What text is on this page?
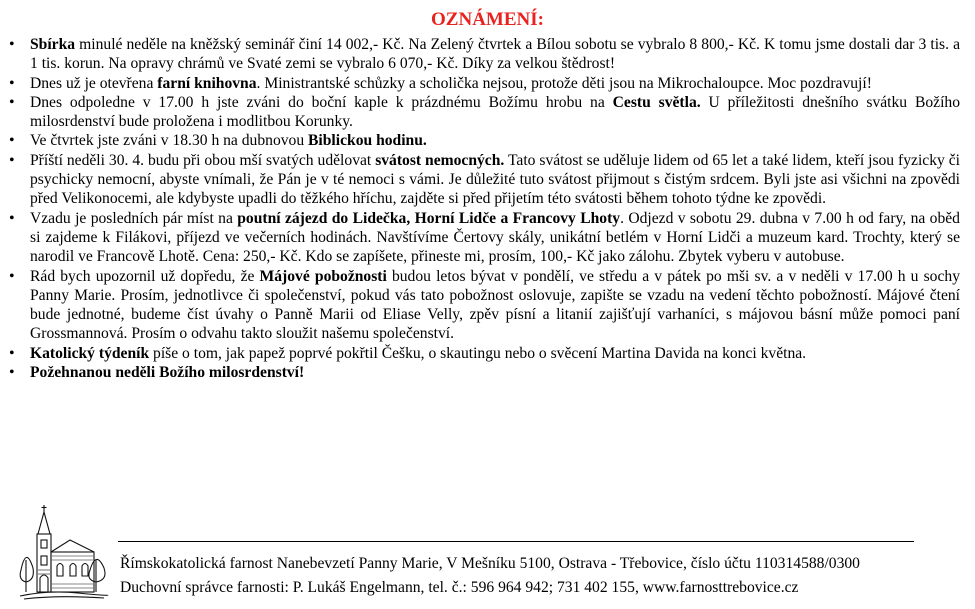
OZNÁMENÍ:
• Sbírka minulé neděle na kněžský seminář činí 14 002,- Kč. Na Zelený čtvrtek a Bílou sobotu se vybralo 8 800,- Kč. K tomu jsme dostali dar 3 tis. a 1 tis. korun. Na opravy chrámů ve Svaté zemi se vybralo 6 070,- Kč. Díky za velkou štědrost!
• Dnes už je otevřena farní knihovna. Ministrantské schůzky a scholička nejsou, protože děti jsou na Mikrochaloupce. Moc pozdravují!
• Dnes odpoledne v 17.00 h jste zváni do boční kaple k prázdnému Božímu hrobu na Cestu světla. U příležitosti dnešního svátku Božího milosrdenství bude proložena i modlitbou Korunky.
• Ve čtvrtek jste zváni v 18.30 h na dubnovou Biblickou hodinu.
• Příští neděli 30. 4. budu při obou mší svatých udělovat svátost nemocných. Tato svátost se uděluje lidem od 65 let a také lidem, kteří jsou fyzicky či psychicky nemocní, abyste vnímali, že Pán je v té nemoci s vámi. Je důležité tuto svátost přijmout s čistým srdcem. Byli jste asi všichni na zpovědi před Velikonocemi, ale kdybyste upadli do těžkého hříchu, zajděte si před přijetím této svátosti během tohoto týdne ke zpovědi.
• Vzadu je posledních pár míst na poutní zájezd do Lidečka, Horní Lidče a Francovy Lhoty. Odjezd v sobotu 29. dubna v 7.00 h od fary, na oběd si zajdeme k Filákovi, příjezd ve večerních hodinách. Navštívíme Čertovy skály, unikátní betlém v Horní Lidči a muzeum kard. Trochty, který se narodil ve Francově Lhotě. Cena: 250,- Kč. Kdo se zapíšete, přineste mi, prosím, 100,- Kč jako zálohu. Zbytek vyberu v autobuse.
• Rád bych upozornil už dopředu, že Májové pobožnosti budou letos bývat v pondělí, ve středu a v pátek po mši sv. a v neděli v 17.00 h u sochy Panny Marie. Prosím, jednotlivce či společenství, pokud vás tato pobožnost oslovuje, zapište se vzadu na vedení těchto pobožností. Májové čtení bude jednotné, budeme číst úvahy o Panně Marii od Eliase Velly, zpěv písní a litanií zajišťují varhaníci, s májovou básní může pomoci paní Grossmannová. Prosím o odvahu takto sloužit našemu společenství.
• Katolický týdeník píše o tom, jak papež poprvé pokřtil Češku, o skautingu nebo o svěcení Martina Davida na konci května.
• Požehnanou neděli Božího milosrdenství!
Římskokatolická farnost Nanebevzetí Panny Marie, V Mešníku 5100, Ostrava - Třebovice, číslo účtu 110314588/0300
Duchovní správce farnosti: P. Lukáš Engelmann, tel. č.: 596 964 942; 731 402 155, www.farnosttrebovice.cz
